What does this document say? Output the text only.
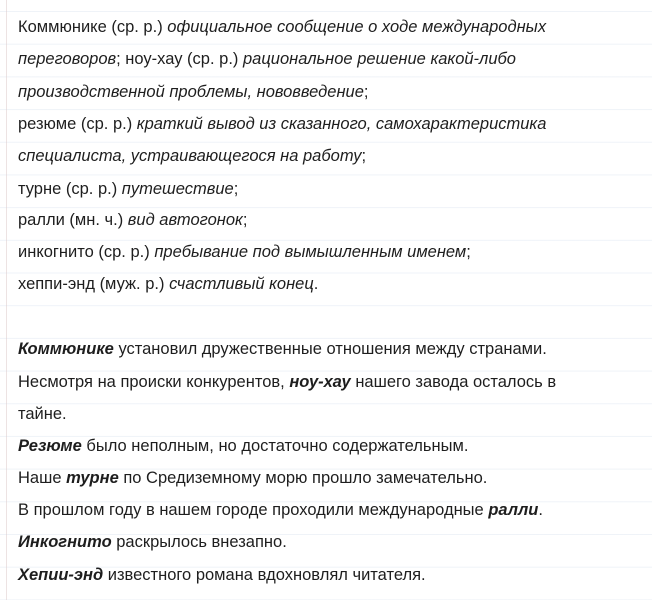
Коммюнике (ср. р.) официальное сообщение о ходе международных
переговоров; ноу-хау (ср. р.) рациональное решение какой-либо
производственной проблемы, нововведение;
резюме (ср. р.) краткий вывод из сказанного, самохарактеристика
специалиста, устраивающегося на работу;
турне (ср. р.) путешествие;
ралли (мн. ч.) вид автогонок;
инкогнито (ср. р.) пребывание под вымышленным именем;
хеппи-энд (муж. р.) счастливый конец.
Коммюнике установил дружественные отношения между странами.
Несмотря на происки конкурентов, ноу-хау нашего завода осталось в
тайне.
Резюме было неполным, но достаточно содержательным.
Наше турне по Средиземному морю прошло замечательно.
В прошлом году в нашем городе проходили международные ралли.
Инкогнито раскрылось внезапно.
Хепии-энд известного романа вдохновлял читателя.
